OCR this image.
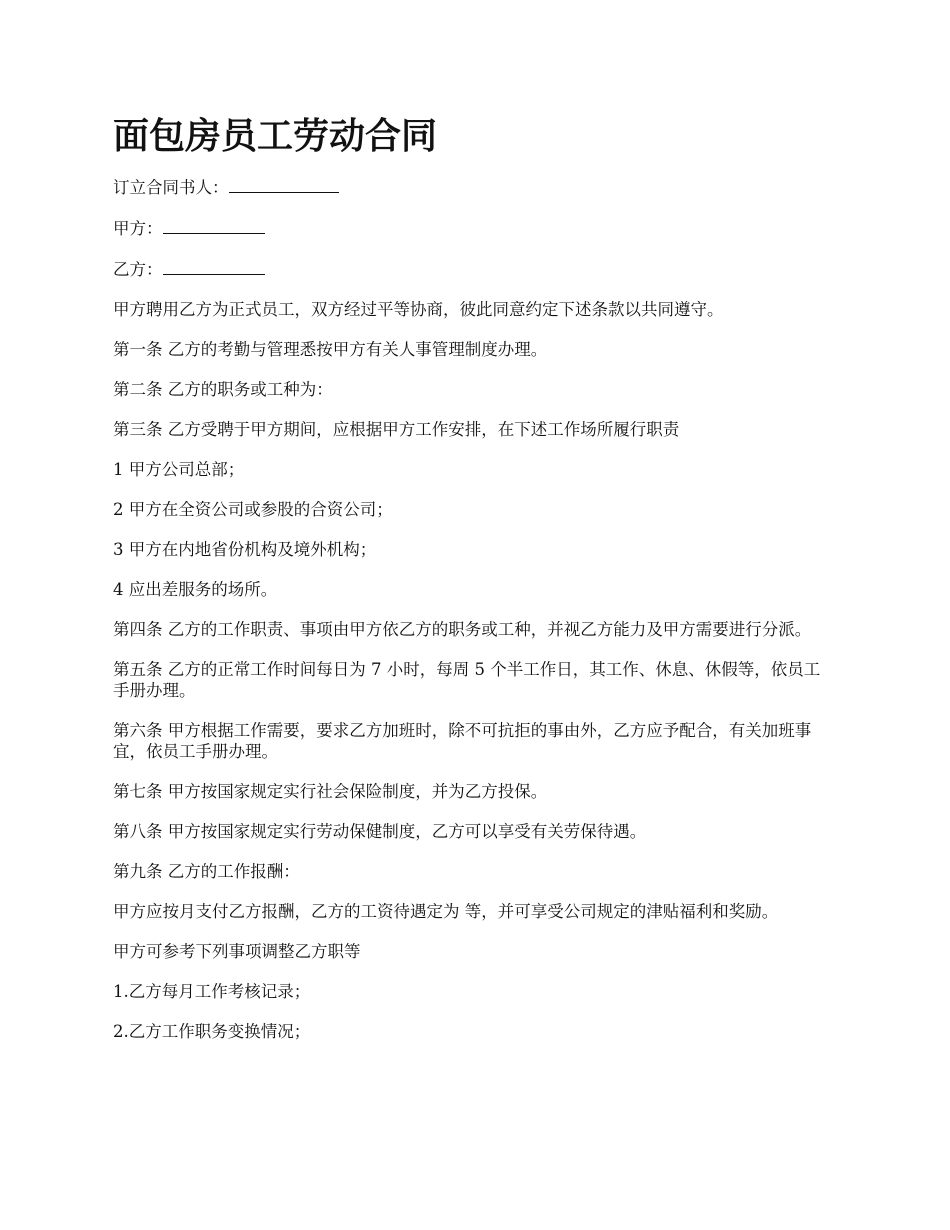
面包房员工劳动合同

订立合同书人：

甲方：

乙方：

甲方聘用乙方为正式员工，双方经过平等协商，彼此同意约定下述条款以共同遵守。

第一条 乙方的考勤与管理悉按甲方有关人事管理制度办理。

第二条 乙方的职务或工种为：

第三条 乙方受聘于甲方期间，应根据甲方工作安排，在下述工作场所履行职责

1 甲方公司总部；

2 甲方在全资公司或参股的合资公司；

3 甲方在内地省份机构及境外机构；

4 应出差服务的场所。

第四条 乙方的工作职责、事项由甲方依乙方的职务或工种，并视乙方能力及甲方需要进行分派。

第五条 乙方的正常工作时间每日为 7 小时，每周 5 个半工作日，其工作、休息、休假等，依员工手册办理。

第六条 甲方根据工作需要，要求乙方加班时，除不可抗拒的事由外，乙方应予配合，有关加班事宜，依员工手册办理。

第七条 甲方按国家规定实行社会保险制度，并为乙方投保。

第八条 甲方按国家规定实行劳动保健制度，乙方可以享受有关劳保待遇。

第九条 乙方的工作报酬：

甲方应按月支付乙方报酬，乙方的工资待遇定为 等，并可享受公司规定的津贴福利和奖励。

甲方可参考下列事项调整乙方职等

1.乙方每月工作考核记录；

2.乙方工作职务变换情况；
